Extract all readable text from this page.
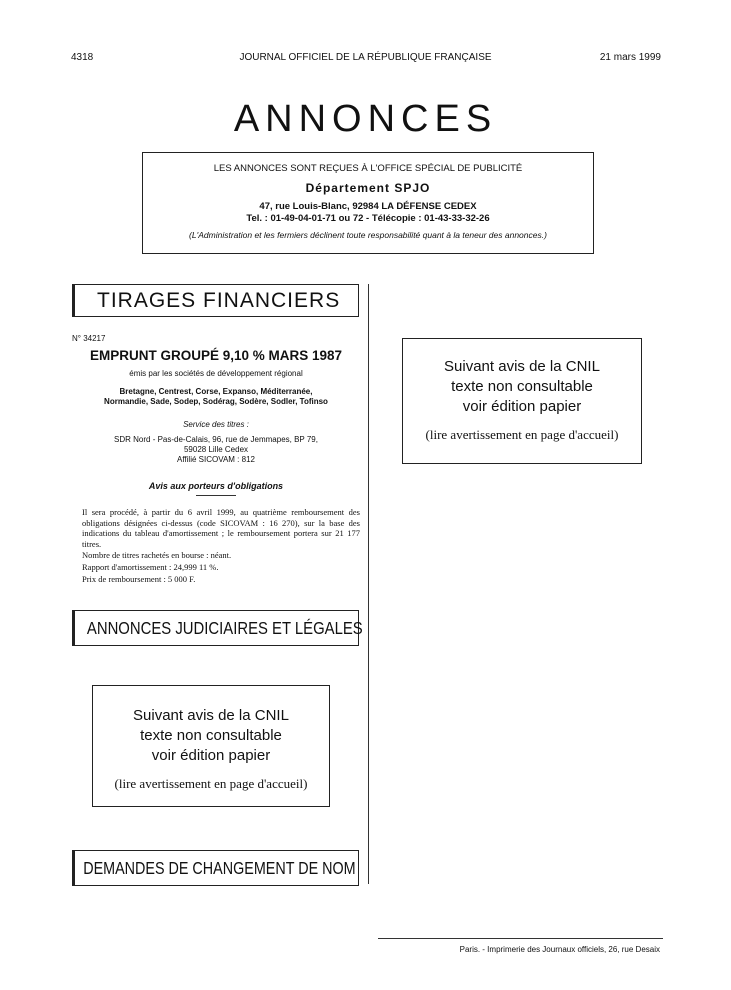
4318	JOURNAL OFFICIEL DE LA RÉPUBLIQUE FRANÇAISE	21 mars 1999
ANNONCES
LES ANNONCES SONT REÇUES À L'OFFICE SPÉCIAL DE PUBLICITÉ
Département SPJO
47, rue Louis-Blanc, 92984 LA DÉFENSE CEDEX
Tel. : 01-49-04-01-71 ou 72 - Télécopie : 01-43-33-32-26
(L'Administration et les fermiers déclinent toute responsabilité quant à la teneur des annonces.)
TIRAGES FINANCIERS
N° 34217
EMPRUNT GROUPÉ 9,10 % MARS 1987
émis par les sociétés de développement régional
Bretagne, Centrest, Corse, Expanso, Méditerranée,
Normandie, Sade, Sodep, Sodérag, Sodère, Sodler, Tofinso
Service des titres :
SDR Nord - Pas-de-Calais, 96, rue de Jemmapes, BP 79,
59028 Lille Cedex
Affilié SICOVAM : 812
Avis aux porteurs d'obligations
Il sera procédé, à partir du 6 avril 1999, au quatrième remboursement des obligations désignées ci-dessus (code SICOVAM : 16 270), sur la base des indications du tableau d'amortissement ; le remboursement portera sur 21 177 titres.
Nombre de titres rachetés en bourse : néant.
Rapport d'amortissement : 24,999 11 %.
Prix de remboursement : 5 000 F.
ANNONCES JUDICIAIRES ET LÉGALES
Suivant avis de la CNIL
texte non consultable
voir édition papier
(lire avertissement en page d'accueil)
DEMANDES DE CHANGEMENT DE NOM
Suivant avis de la CNIL
texte non consultable
voir édition papier
(lire avertissement en page d'accueil)
Paris. - Imprimerie des Journaux officiels, 26, rue Desaix
